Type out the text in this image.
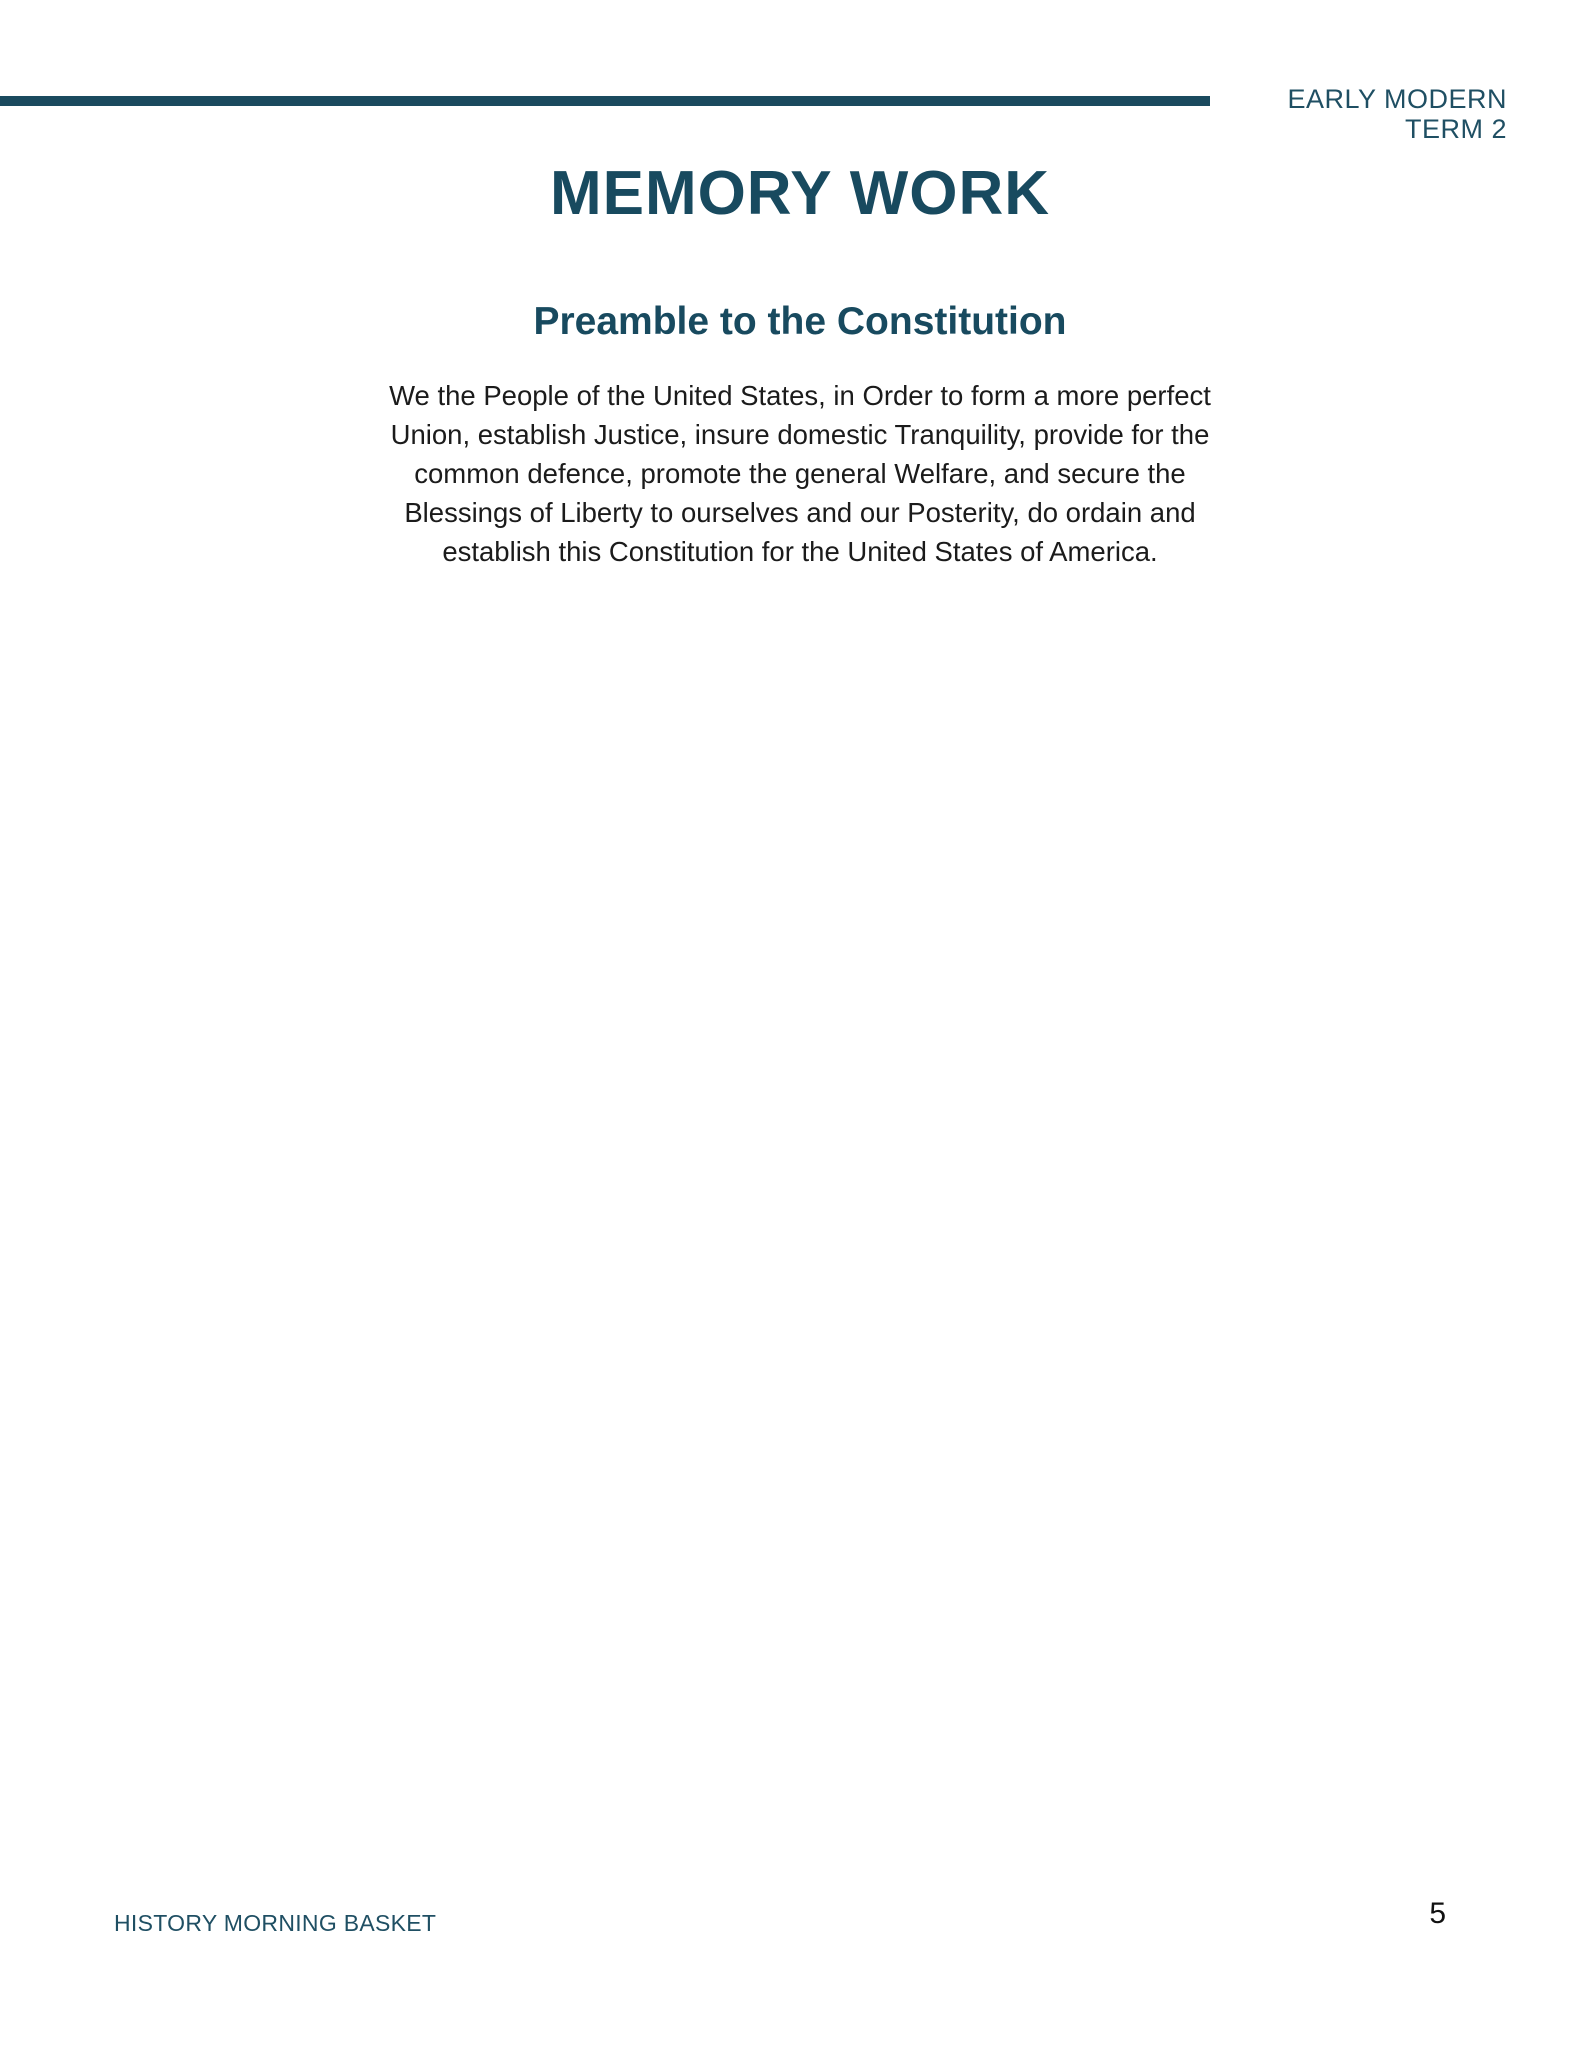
EARLY MODERN
TERM 2
MEMORY WORK
Preamble to the Constitution

We the People of the United States, in Order to form a more perfect Union, establish Justice, insure domestic Tranquility, provide for the common defence, promote the general Welfare, and secure the Blessings of Liberty to ourselves and our Posterity, do ordain and establish this Constitution for the United States of America.

HISTORY MORNING BASKET	5
